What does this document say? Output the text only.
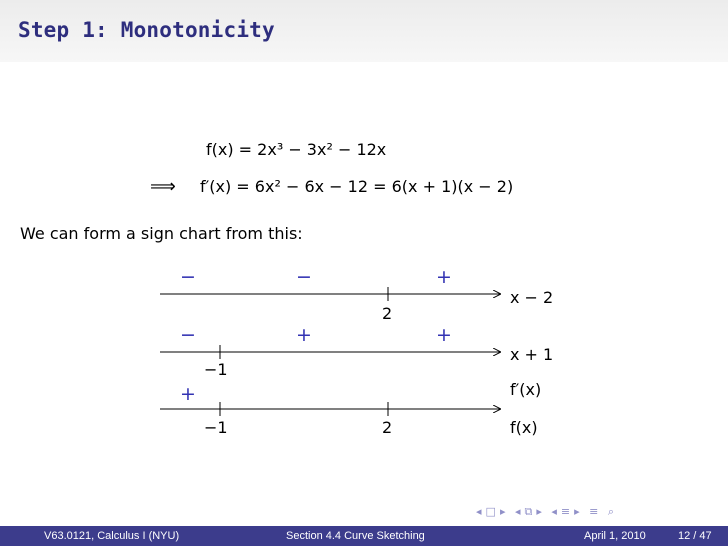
Step 1: Monotonicity
f(x) = 2x³ − 3x² − 12x
⟹ f′(x) = 6x² − 6x − 12 = 6(x + 1)(x − 2)
We can form a sign chart from this:
−	−	+
2
x − 2
−	+	+
−1
x + 1
+	f′(x)
−1	2	f(x)
◂ □ ▸ ◂ ⧉ ▸ ◂ ≡ ▸ ≡ ⌕
V63.0121, Calculus I (NYU)	Section 4.4 Curve Sketching	April 1, 2010	12 / 47
